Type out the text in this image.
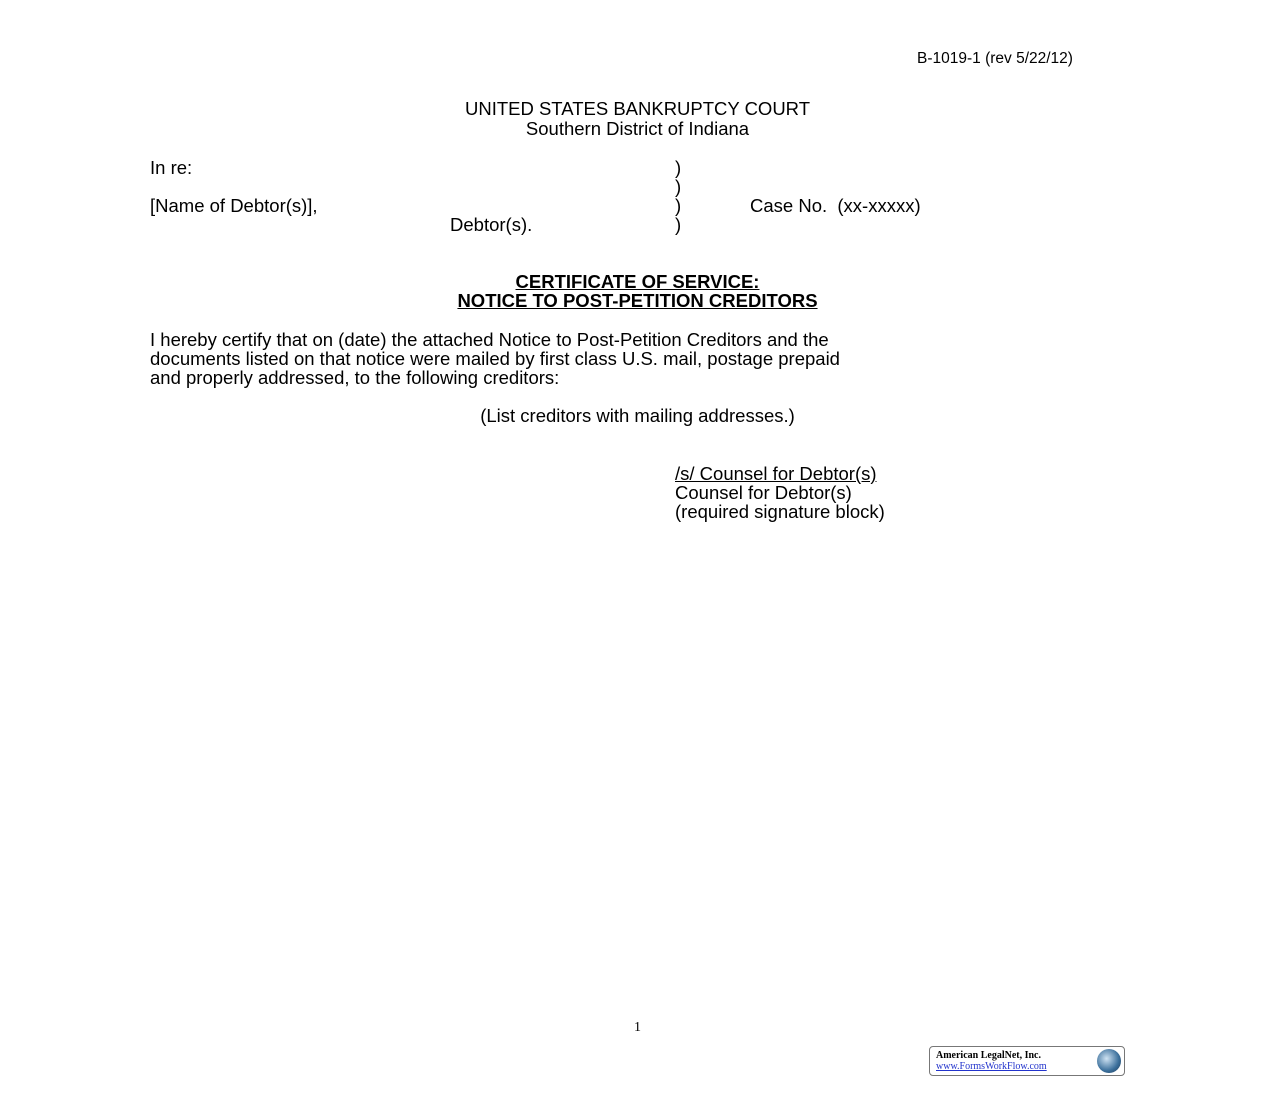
B-1019-1 (rev 5/22/12)
UNITED STATES BANKRUPTCY COURT
Southern District of Indiana
In re:
[Name of Debtor(s)],
Debtor(s).
)
)
)
)
Case No.  (xx-xxxxx)
CERTIFICATE OF SERVICE:
NOTICE TO POST-PETITION CREDITORS
I hereby certify that on (date) the attached Notice to Post-Petition Creditors and the
documents listed on that notice were mailed by first class U.S. mail, postage prepaid
and properly addressed, to the following creditors:
(List creditors with mailing addresses.)
/s/ Counsel for Debtor(s)
Counsel for Debtor(s)
(required signature block)
1
American LegalNet, Inc.
www.FormsWorkFlow.com
